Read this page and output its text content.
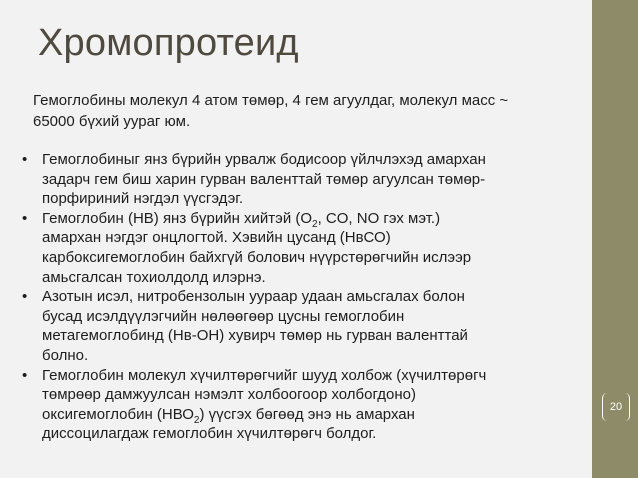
Хромопротеид
Гемоглобины молекул 4 атом төмөр, 4 гем агуулдаг, молекул масс ~
65000 бүхий уураг юм.
• Гемоглобиныг янз бүрийн урвалж бодисоор үйлчлэхэд амархан
задарч гем биш харин гурван валенттай төмөр агуулсан төмөр-
порфириний нэгдэл үүсгэдэг.
• Гемоглобин (НВ) янз бүрийн хийтэй ($О_2$, CO, NO гэх мэт.)
амархан нэгдэг онцлогтой. Хэвийн цусанд (НвСО)
карбоксигемоглобин байхгүй болович нүүрстөрөгчийн ислээр
амьсгалсан тохиолдолд илэрнэ.
• Азотын исэл, нитробензолын уураар удаан амьсгалах болон
бусад исэлдүүлэгчийн нөлөөгөөр цусны гемоглобин
метагемоглобинд (Нв-ОН) хувирч төмөр нь гурван валенттай
болно.
• Гемоглобин молекул хүчилтөрөгчийг шууд холбож (хүчилтөрөгч
төмрөөр дамжуулсан нэмэлт холбоогоор холбогдоно)
оксигемоглобин $(НВО_2)$ үүсгэх бөгөөд энэ нь амархан
диссоцилагдаж гемоглобин хүчилтөрөгч болдог.
20
